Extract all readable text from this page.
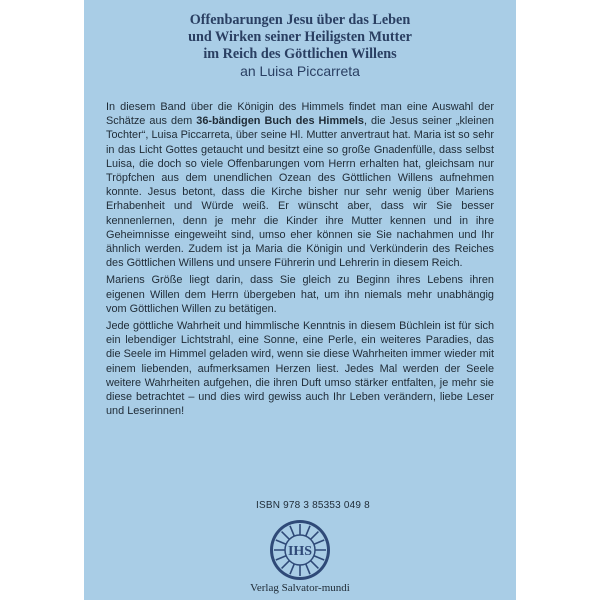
Offenbarungen Jesu über das Leben

und Wirken seiner Heiligsten Mutter

im Reich des Göttlichen Willens

an Luisa Piccarreta

In diesem Band über die Königin des Himmels findet man eine Auswahl der Schätze aus dem 36-bändigen Buch des Himmels, die Jesus seiner „kleinen Tochter“, Luisa Piccarreta, über seine Hl. Mutter anvertraut hat. Maria ist so sehr in das Licht Gottes getaucht und besitzt eine so große Gnadenfülle, dass selbst Luisa, die doch so viele Offenbarungen vom Herrn erhalten hat, gleichsam nur Tröpfchen aus dem unendlichen Ozean des Göttlichen Willens aufnehmen konnte. Jesus betont, dass die Kirche bisher nur sehr wenig über Mariens Erhabenheit und Würde weiß. Er wünscht aber, dass wir Sie besser kennenlernen, denn je mehr die Kinder ihre Mutter kennen und in ihre Geheimnisse eingeweiht sind, umso eher können sie Sie nachahmen und Ihr ähnlich werden. Zudem ist ja Maria die Königin und Verkünderin des Reiches des Göttlichen Willens und unsere Führerin und Lehrerin in diesem Reich.

Mariens Größe liegt darin, dass Sie gleich zu Beginn ihres Lebens ihren eigenen Willen dem Herrn übergeben hat, um ihn niemals mehr unabhängig vom Göttlichen Willen zu betätigen.

Jede göttliche Wahrheit und himmlische Kenntnis in diesem Büchlein ist für sich ein lebendiger Lichtstrahl, eine Sonne, eine Perle, ein weiteres Paradies, das die Seele im Himmel geladen wird, wenn sie diese Wahrheiten immer wieder mit einem liebenden, aufmerksamen Herzen liest. Jedes Mal werden der Seele weitere Wahrheiten aufgehen, die ihren Duft umso stärker entfalten, je mehr sie diese betrachtet – und dies wird gewiss auch Ihr Leben verändern, liebe Leser und Leserinnen!

ISBN 978 3 85353 049 8
IHS
Verlag Salvator-mundi
